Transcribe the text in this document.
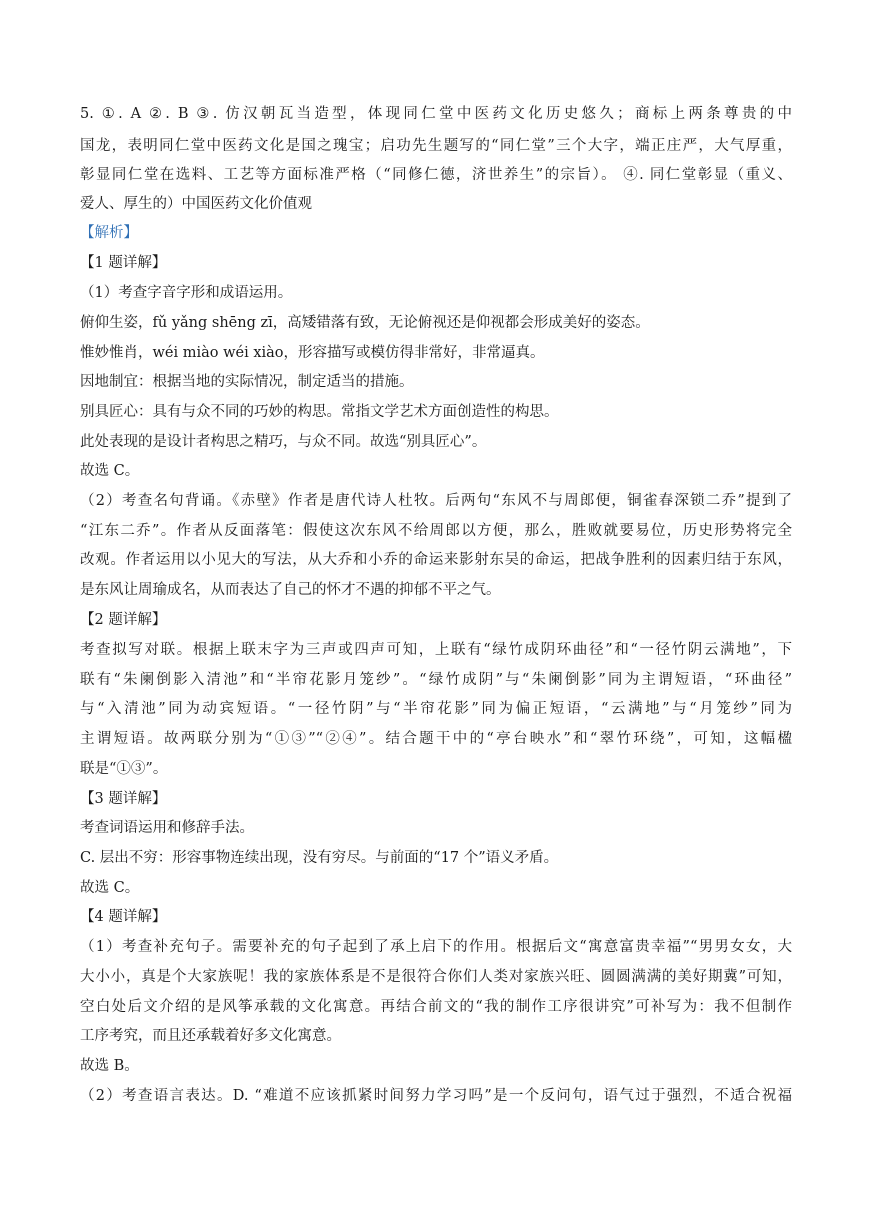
5. ①. A ②. B ③. 仿汉朝瓦当造型，体现同仁堂中医药文化历史悠久；商标上两条尊贵的中
国龙，表明同仁堂中医药文化是国之瑰宝；启功先生题写的“同仁堂”三个大字，端正庄严，大气厚重，
彰显同仁堂在选料、工艺等方面标准严格（“同修仁德，济世养生”的宗旨）。 ④. 同仁堂彰显（重义、
爱人、厚生的）中国医药文化价值观
【解析】
【1 题详解】
（1）考查字音字形和成语运用。
俯仰生姿，fǔ yǎng shēng zī，高矮错落有致，无论俯视还是仰视都会形成美好的姿态。
惟妙惟肖，wéi miào wéi xiào，形容描写或模仿得非常好，非常逼真。
因地制宜：根据当地的实际情况，制定适当的措施。
别具匠心：具有与众不同的巧妙的构思。常指文学艺术方面创造性的构思。
此处表现的是设计者构思之精巧，与众不同。故选“别具匠心”。
故选 C。
（2）考查名句背诵。《赤壁》作者是唐代诗人杜牧。后两句“东风不与周郎便，铜雀春深锁二乔”提到了
“江东二乔”。作者从反面落笔：假使这次东风不给周郎以方便，那么，胜败就要易位，历史形势将完全
改观。作者运用以小见大的写法，从大乔和小乔的命运来影射东吴的命运，把战争胜利的因素归结于东风，
是东风让周瑜成名，从而表达了自己的怀才不遇的抑郁不平之气。
【2 题详解】
考查拟写对联。根据上联末字为三声或四声可知，上联有“绿竹成阴环曲径”和“一径竹阴云满地”，下
联有“朱阑倒影入清池”和“半帘花影月笼纱”。“绿竹成阴”与“朱阑倒影”同为主谓短语，“环曲径”
与“入清池”同为动宾短语。“一径竹阴”与“半帘花影”同为偏正短语，“云满地”与“月笼纱”同为
主谓短语。故两联分别为“①③”“②④”。结合题干中的“亭台映水”和“翠竹环绕”，可知，这幅楹
联是“①③”。
【3 题详解】
考查词语运用和修辞手法。
C. 层出不穷：形容事物连续出现，没有穷尽。与前面的“17 个”语义矛盾。
故选 C。
【4 题详解】
（1）考查补充句子。需要补充的句子起到了承上启下的作用。根据后文“寓意富贵幸福”“男男女女，大
大小小，真是个大家族呢！我的家族体系是不是很符合你们人类对家族兴旺、圆圆满满的美好期冀”可知，
空白处后文介绍的是风筝承载的文化寓意。再结合前文的“我的制作工序很讲究”可补写为：我不但制作
工序考究，而且还承载着好多文化寓意。
故选 B。
（2）考查语言表达。D. “难道不应该抓紧时间努力学习吗”是一个反问句，语气过于强烈，不适合祝福
